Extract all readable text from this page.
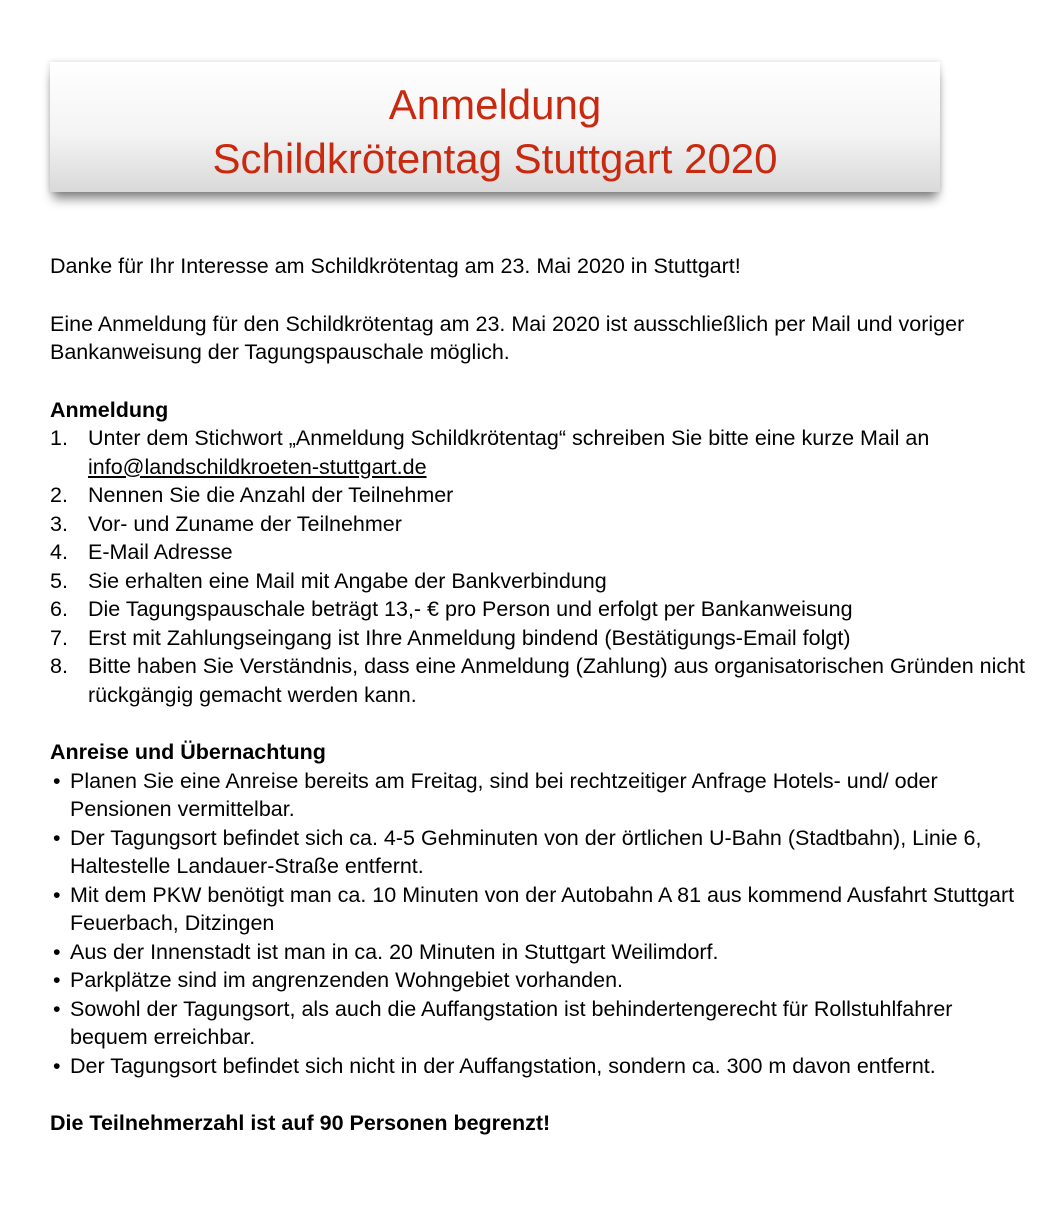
Anmeldung
Schildkrötentag Stuttgart 2020

Danke für Ihr Interesse am Schildkrötentag am 23. Mai 2020 in Stuttgart!

Eine Anmeldung für den Schildkrötentag am 23. Mai 2020 ist ausschließlich per Mail und voriger Bankanweisung der Tagungspauschale möglich.

Anmeldung

1. Unter dem Stichwort „Anmeldung Schildkrötentag“ schreiben Sie bitte eine kurze Mail an info@landschildkroeten-stuttgart.de
2. Nennen Sie die Anzahl der Teilnehmer
3. Vor- und Zuname der Teilnehmer
4. E-Mail Adresse
5. Sie erhalten eine Mail mit Angabe der Bankverbindung
6. Die Tagungspauschale beträgt 13,- € pro Person und erfolgt per Bankanweisung
7. Erst mit Zahlungseingang ist Ihre Anmeldung bindend (Bestätigungs-Email folgt)
8. Bitte haben Sie Verständnis, dass eine Anmeldung (Zahlung) aus organisatorischen Gründen nicht rückgängig gemacht werden kann.

Anreise und Übernachtung

• Planen Sie eine Anreise bereits am Freitag, sind bei rechtzeitiger Anfrage Hotels- und/ oder Pensionen vermittelbar.
• Der Tagungsort befindet sich ca. 4-5 Gehminuten von der örtlichen U-Bahn (Stadtbahn), Linie 6, Haltestelle Landauer-Straße entfernt.
• Mit dem PKW benötigt man ca. 10 Minuten von der Autobahn A 81 aus kommend Ausfahrt Stuttgart Feuerbach, Ditzingen
• Aus der Innenstadt ist man in ca. 20 Minuten in Stuttgart Weilimdorf.
• Parkplätze sind im angrenzenden Wohngebiet vorhanden.
• Sowohl der Tagungsort, als auch die Auffangstation ist behindertengerecht für Rollstuhlfahrer bequem erreichbar.
• Der Tagungsort befindet sich nicht in der Auffangstation, sondern ca. 300 m davon entfernt.

Die Teilnehmerzahl ist auf 90 Personen begrenzt!
